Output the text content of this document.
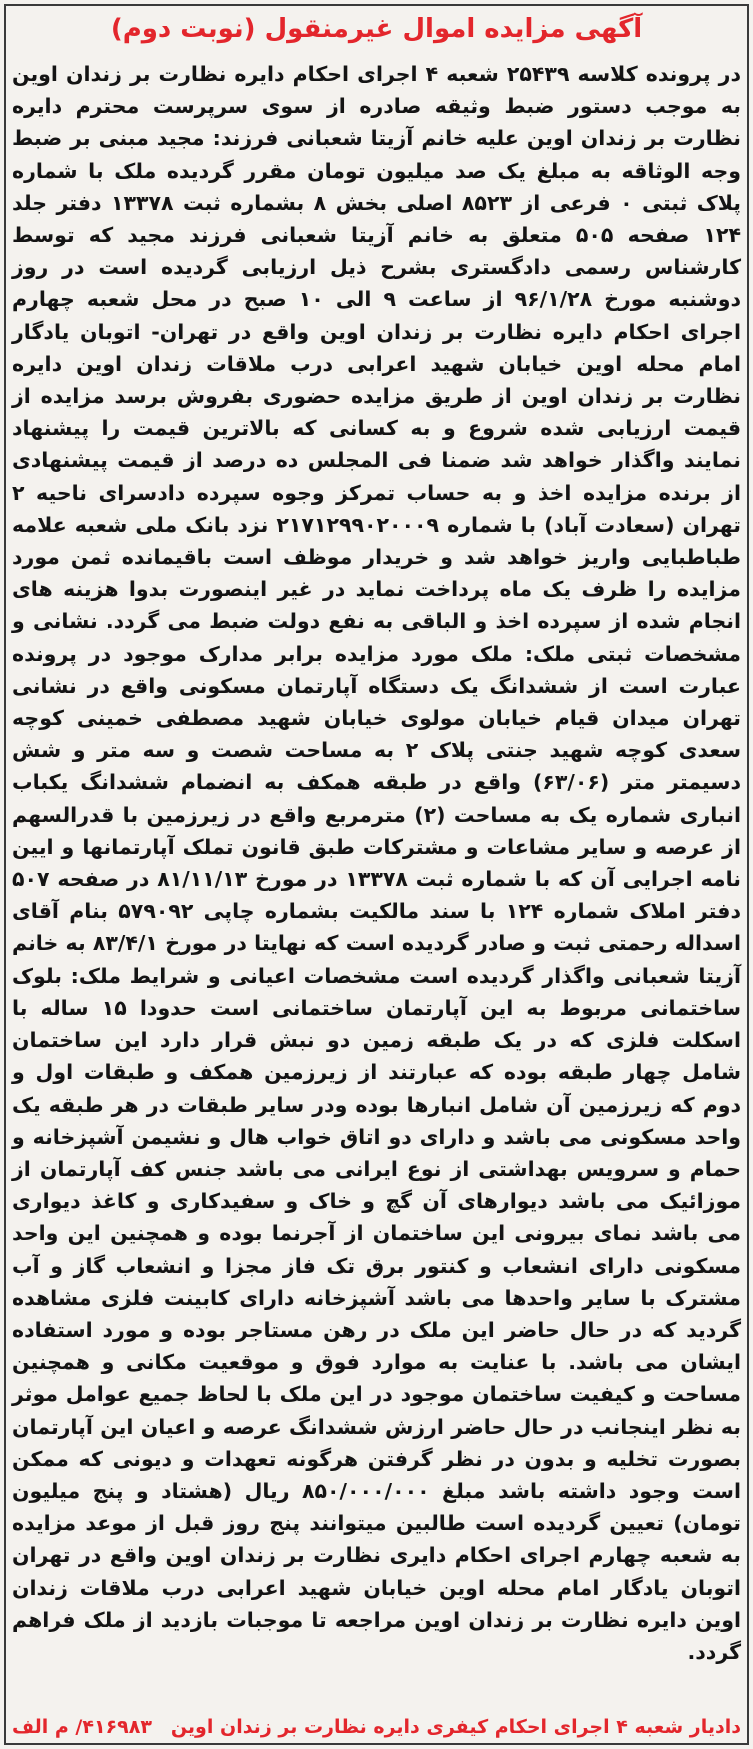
آگهی مزایده اموال غیرمنقول (نوبت دوم)
در پرونده کلاسه ۲۵۴۳۹ شعبه ۴ اجرای احکام دایره نظارت بر زندان اوین به موجب دستور ضبط وثیقه صادره از سوی سرپرست محترم دایره نظارت بر زندان اوین علیه خانم آزیتا شعبانی فرزند: مجید مبنی بر ضبط وجه الوثاقه به مبلغ یک صد میلیون تومان مقرر گردیده ملک با شماره پلاک ثبتی ۰ فرعی از ۸۵۲۳ اصلی بخش ۸ بشماره ثبت ۱۳۳۷۸ دفتر جلد ۱۲۴ صفحه ۵۰۵ متعلق به خانم آزیتا شعبانی فرزند مجید که توسط کارشناس رسمی دادگستری بشرح ذیل ارزیابی گردیده است در روز دوشنبه مورخ ۹۶/۱/۲۸ از ساعت ۹ الی ۱۰ صبح در محل شعبه چهارم اجرای احکام دایره نظارت بر زندان اوین واقع در تهران- اتوبان یادگار امام محله اوین خیابان شهید اعرابی درب ملاقات زندان اوین دایره نظارت بر زندان اوین از طریق مزایده حضوری بفروش برسد مزایده از قیمت ارزیابی شده شروع و به کسانی که بالاترین قیمت را پیشنهاد نمایند واگذار خواهد شد ضمنا فی المجلس ده درصد از قیمت پیشنهادی از برنده مزایده اخذ و به حساب تمرکز وجوه سپرده دادسرای ناحیه ۲ تهران (سعادت آباد) با شماره ۲۱۷۱۲۹۹۰۲۰۰۰۹ نزد بانک ملی شعبه علامه طباطبایی واریز خواهد شد و خریدار موظف است باقیمانده ثمن مورد مزایده را ظرف یک ماه پرداخت نماید در غیر اینصورت بدوا هزینه های انجام شده از سپرده اخذ و الباقی به نفع دولت ضبط می گردد. نشانی و مشخصات ثبتی ملک: ملک مورد مزایده برابر مدارک موجود در پرونده عبارت است از ششدانگ یک دستگاه آپارتمان مسکونی واقع در نشانی تهران میدان قیام خیابان مولوی خیابان شهید مصطفی خمینی کوچه سعدی کوچه شهید جنتی پلاک ۲ به مساحت شصت و سه متر و شش دسیمتر متر (۶۳/۰۶) واقع در طبقه همکف به انضمام ششدانگ یکباب انباری شماره یک به مساحت (۲) مترمربع واقع در زیرزمین با قدرالسهم از عرصه و سایر مشاعات و مشترکات طبق قانون تملک آپارتمانها و ایین نامه اجرایی آن که با شماره ثبت ۱۳۳۷۸ در مورخ ۸۱/۱۱/۱۳ در صفحه ۵۰۷ دفتر املاک شماره ۱۲۴ با سند مالکیت بشماره چاپی ۵۷۹۰۹۲ بنام آقای اسداله رحمتی ثبت و صادر گردیده است که نهایتا در مورخ ۸۳/۴/۱ به خانم آزیتا شعبانی واگذار گردیده است مشخصات اعیانی و شرایط ملک: بلوک ساختمانی مربوط به این آپارتمان ساختمانی است حدودا ۱۵ ساله با اسکلت فلزی که در یک طبقه زمین دو نبش قرار دارد این ساختمان شامل چهار طبقه بوده که عبارتند از زیرزمین همکف و طبقات اول و دوم که زیرزمین آن شامل انبارها بوده ودر سایر طبقات در هر طبقه یک واحد مسکونی می باشد و دارای دو اتاق خواب هال و نشیمن آشپزخانه و حمام و سرویس بهداشتی از نوع ایرانی می باشد جنس کف آپارتمان از موزائیک می باشد دیوارهای آن گچ و خاک و سفیدکاری و کاغذ دیواری می باشد نمای بیرونی این ساختمان از آجرنما بوده و همچنین این واحد مسکونی دارای انشعاب و کنتور برق تک فاز مجزا و انشعاب گاز و آب مشترک با سایر واحدها می باشد آشپزخانه دارای کابینت فلزی مشاهده گردید که در حال حاضر این ملک در رهن مستاجر بوده و مورد استفاده ایشان می باشد. با عنایت به موارد فوق و موقعیت مکانی و همچنین مساحت و کیفیت ساختمان موجود در این ملک با لحاظ جمیع عوامل موثر به نظر اینجانب در حال حاضر ارزش ششدانگ عرصه و اعیان این آپارتمان بصورت تخلیه و بدون در نظر گرفتن هرگونه تعهدات و دیونی که ممکن است وجود داشته باشد مبلغ ۸۵۰/۰۰۰/۰۰۰ ریال (هشتاد و پنج میلیون تومان) تعیین گردیده است طالبین میتوانند پنج روز قبل از موعد مزایده به شعبه چهارم اجرای احکام دایری نظارت بر زندان اوین واقع در تهران اتوبان یادگار امام محله اوین خیابان شهید اعرابی درب ملاقات زندان اوین دایره نظارت بر زندان اوین مراجعه تا موجبات بازدید از ملک فراهم گردد.
دادیار شعبه ۴ اجرای احکام کیفری دایره نظارت بر زندان اوین
۴۱۶۹۸۳/ م الف
